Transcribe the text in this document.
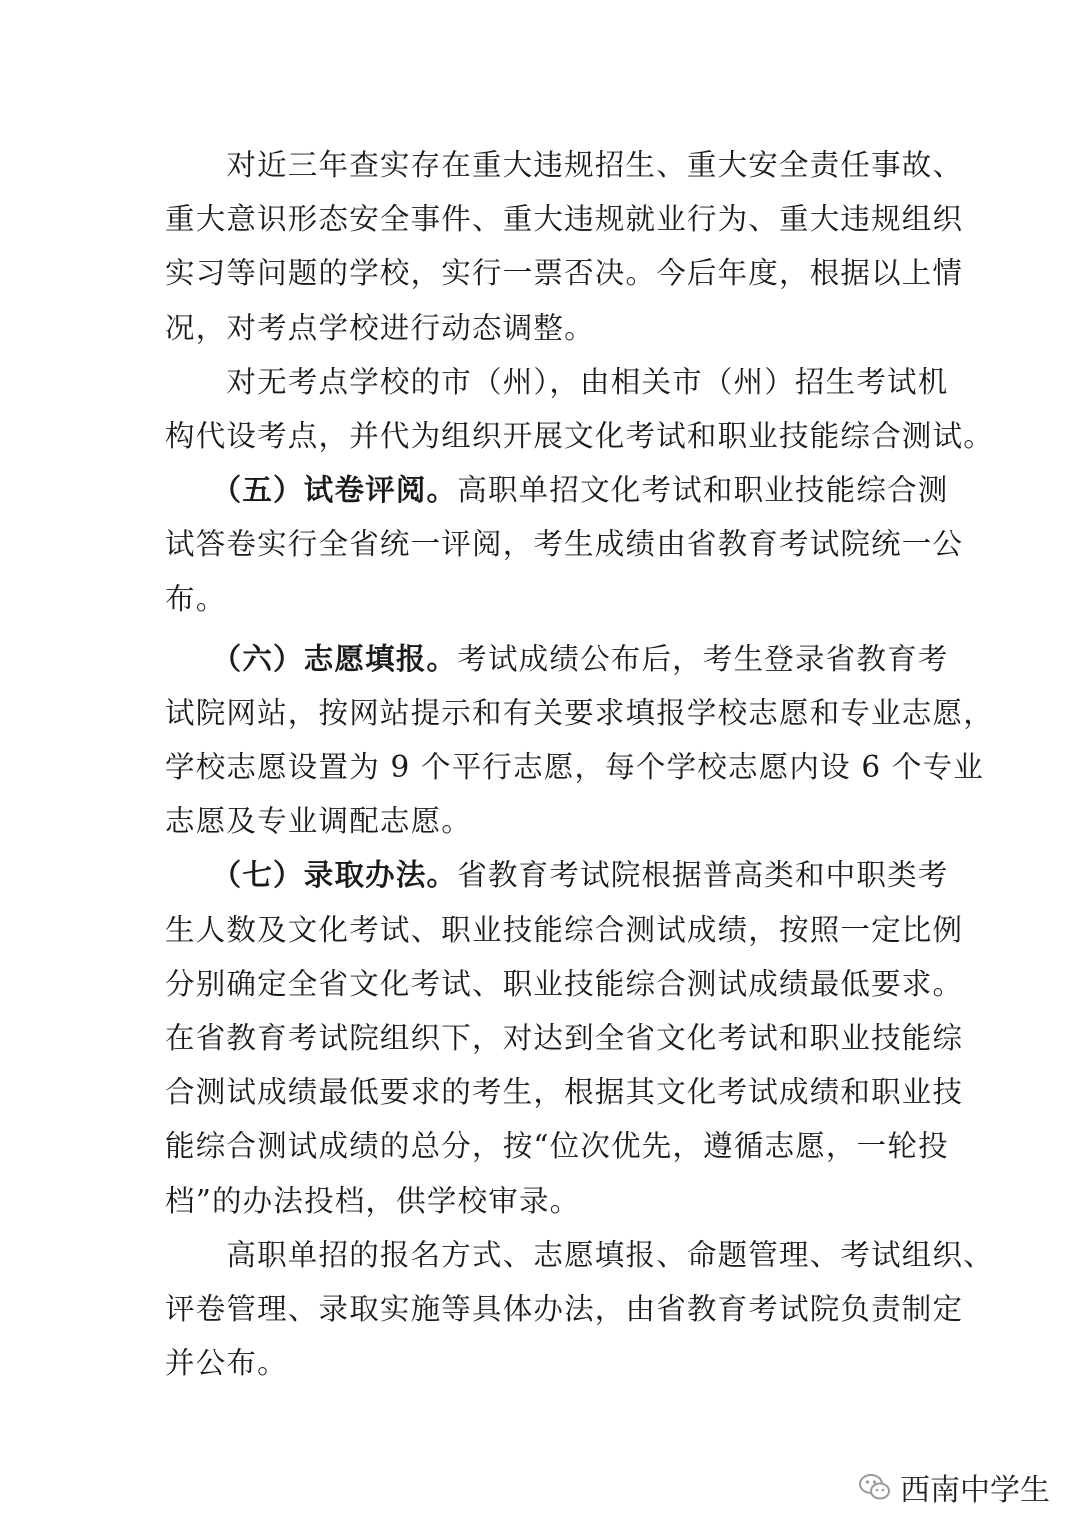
　　对近三年查实存在重大违规招生、重大安全责任事故、
重大意识形态安全事件、重大违规就业行为、重大违规组织
实习等问题的学校，实行一票否决。今后年度，根据以上情
况，对考点学校进行动态调整。
　　对无考点学校的市（州），由相关市（州）招生考试机
构代设考点，并代为组织开展文化考试和职业技能综合测试。
　　（五）试卷评阅。高职单招文化考试和职业技能综合测
试答卷实行全省统一评阅，考生成绩由省教育考试院统一公
布。
　　（六）志愿填报。考试成绩公布后，考生登录省教育考
试院网站，按网站提示和有关要求填报学校志愿和专业志愿，
学校志愿设置为 9 个平行志愿，每个学校志愿内设 6 个专业
志愿及专业调配志愿。
　　（七）录取办法。省教育考试院根据普高类和中职类考
生人数及文化考试、职业技能综合测试成绩，按照一定比例
分别确定全省文化考试、职业技能综合测试成绩最低要求。
在省教育考试院组织下，对达到全省文化考试和职业技能综
合测试成绩最低要求的考生，根据其文化考试成绩和职业技
能综合测试成绩的总分，按“位次优先，遵循志愿，一轮投
档”的办法投档，供学校审录。
　　高职单招的报名方式、志愿填报、命题管理、考试组织、
评卷管理、录取实施等具体办法，由省教育考试院负责制定
并公布。
西南中学生
